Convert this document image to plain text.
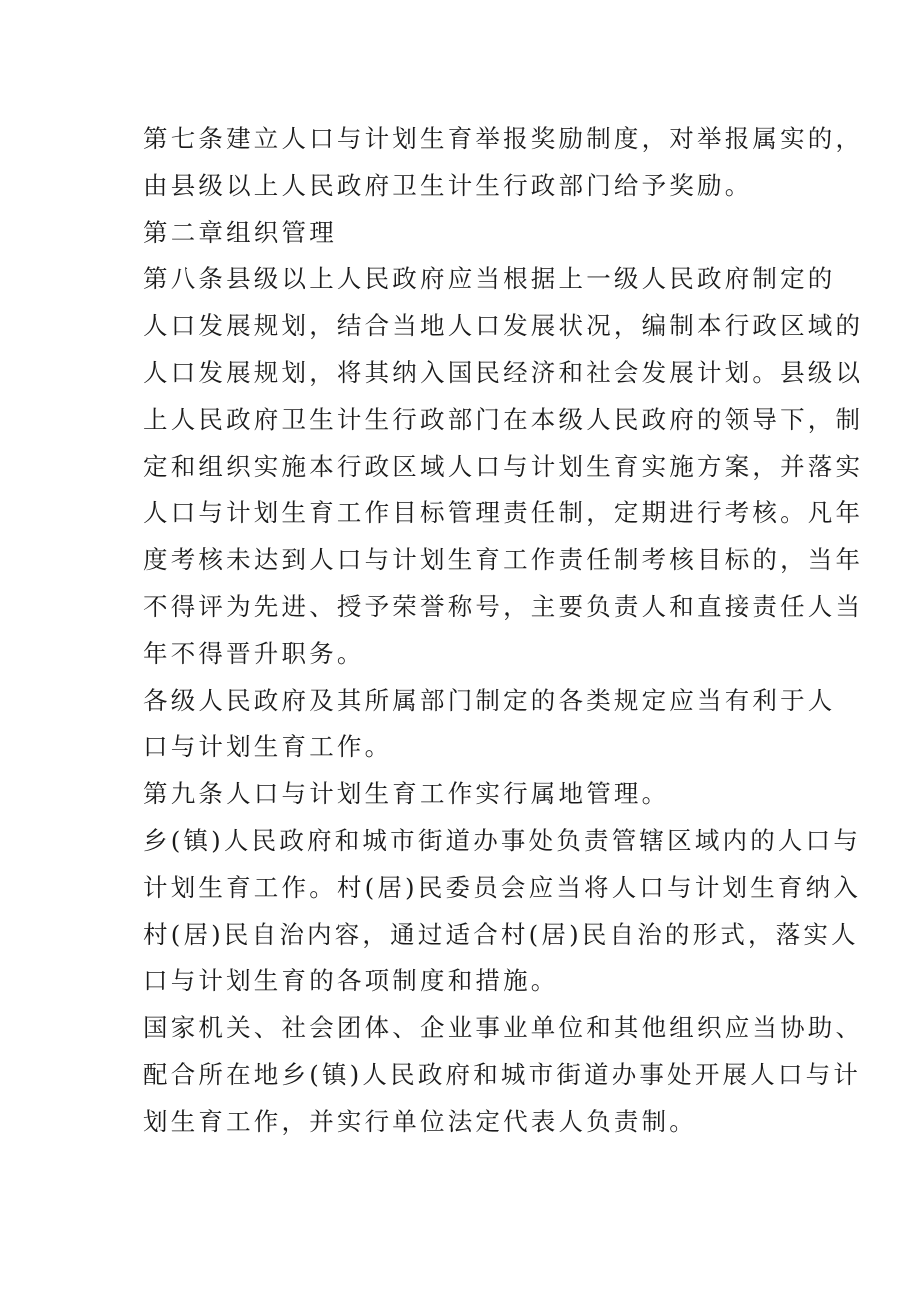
第七条建立人口与计划生育举报奖励制度，对举报属实的，
由县级以上人民政府卫生计生行政部门给予奖励。

第二章组织管理

第八条县级以上人民政府应当根据上一级人民政府制定的
人口发展规划，结合当地人口发展状况，编制本行政区域的
人口发展规划，将其纳入国民经济和社会发展计划。县级以
上人民政府卫生计生行政部门在本级人民政府的领导下，制
定和组织实施本行政区域人口与计划生育实施方案，并落实
人口与计划生育工作目标管理责任制，定期进行考核。凡年
度考核未达到人口与计划生育工作责任制考核目标的，当年
不得评为先进、授予荣誉称号，主要负责人和直接责任人当
年不得晋升职务。

各级人民政府及其所属部门制定的各类规定应当有利于人
口与计划生育工作。

第九条人口与计划生育工作实行属地管理。

乡(镇)人民政府和城市街道办事处负责管辖区域内的人口与
计划生育工作。村(居)民委员会应当将人口与计划生育纳入
村(居)民自治内容，通过适合村(居)民自治的形式，落实人
口与计划生育的各项制度和措施。

国家机关、社会团体、企业事业单位和其他组织应当协助、
配合所在地乡(镇)人民政府和城市街道办事处开展人口与计
划生育工作，并实行单位法定代表人负责制。
